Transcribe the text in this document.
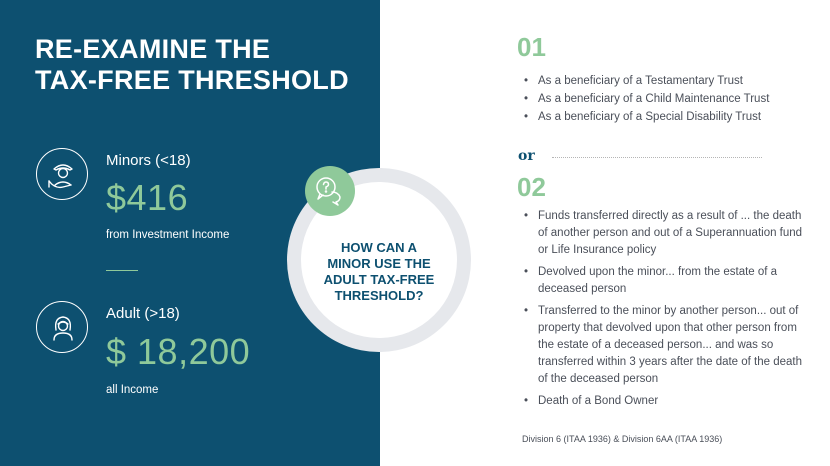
RE-EXAMINE THE
TAX-FREE THRESHOLD
Minors (<18)
$416
from Investment Income
Adult (>18)
$ 18,200
all Income
HOW CAN A
MINOR USE THE
ADULT TAX-FREE
THRESHOLD?
01
• As a beneficiary of a Testamentary Trust
• As a beneficiary of a Child Maintenance Trust
• As a beneficiary of a Special Disability Trust
or
02
• Funds transferred directly as a result of ... the death of another person and out of a Superannuation fund or Life Insurance policy
• Devolved upon the minor... from the estate of a deceased person
• Transferred to the minor by another person... out of property that devolved upon that other person from the estate of a deceased person... and was so transferred within 3 years after the date of the death of the deceased person
• Death of a Bond Owner
Division 6 (ITAA 1936) & Division 6AA (ITAA 1936)
